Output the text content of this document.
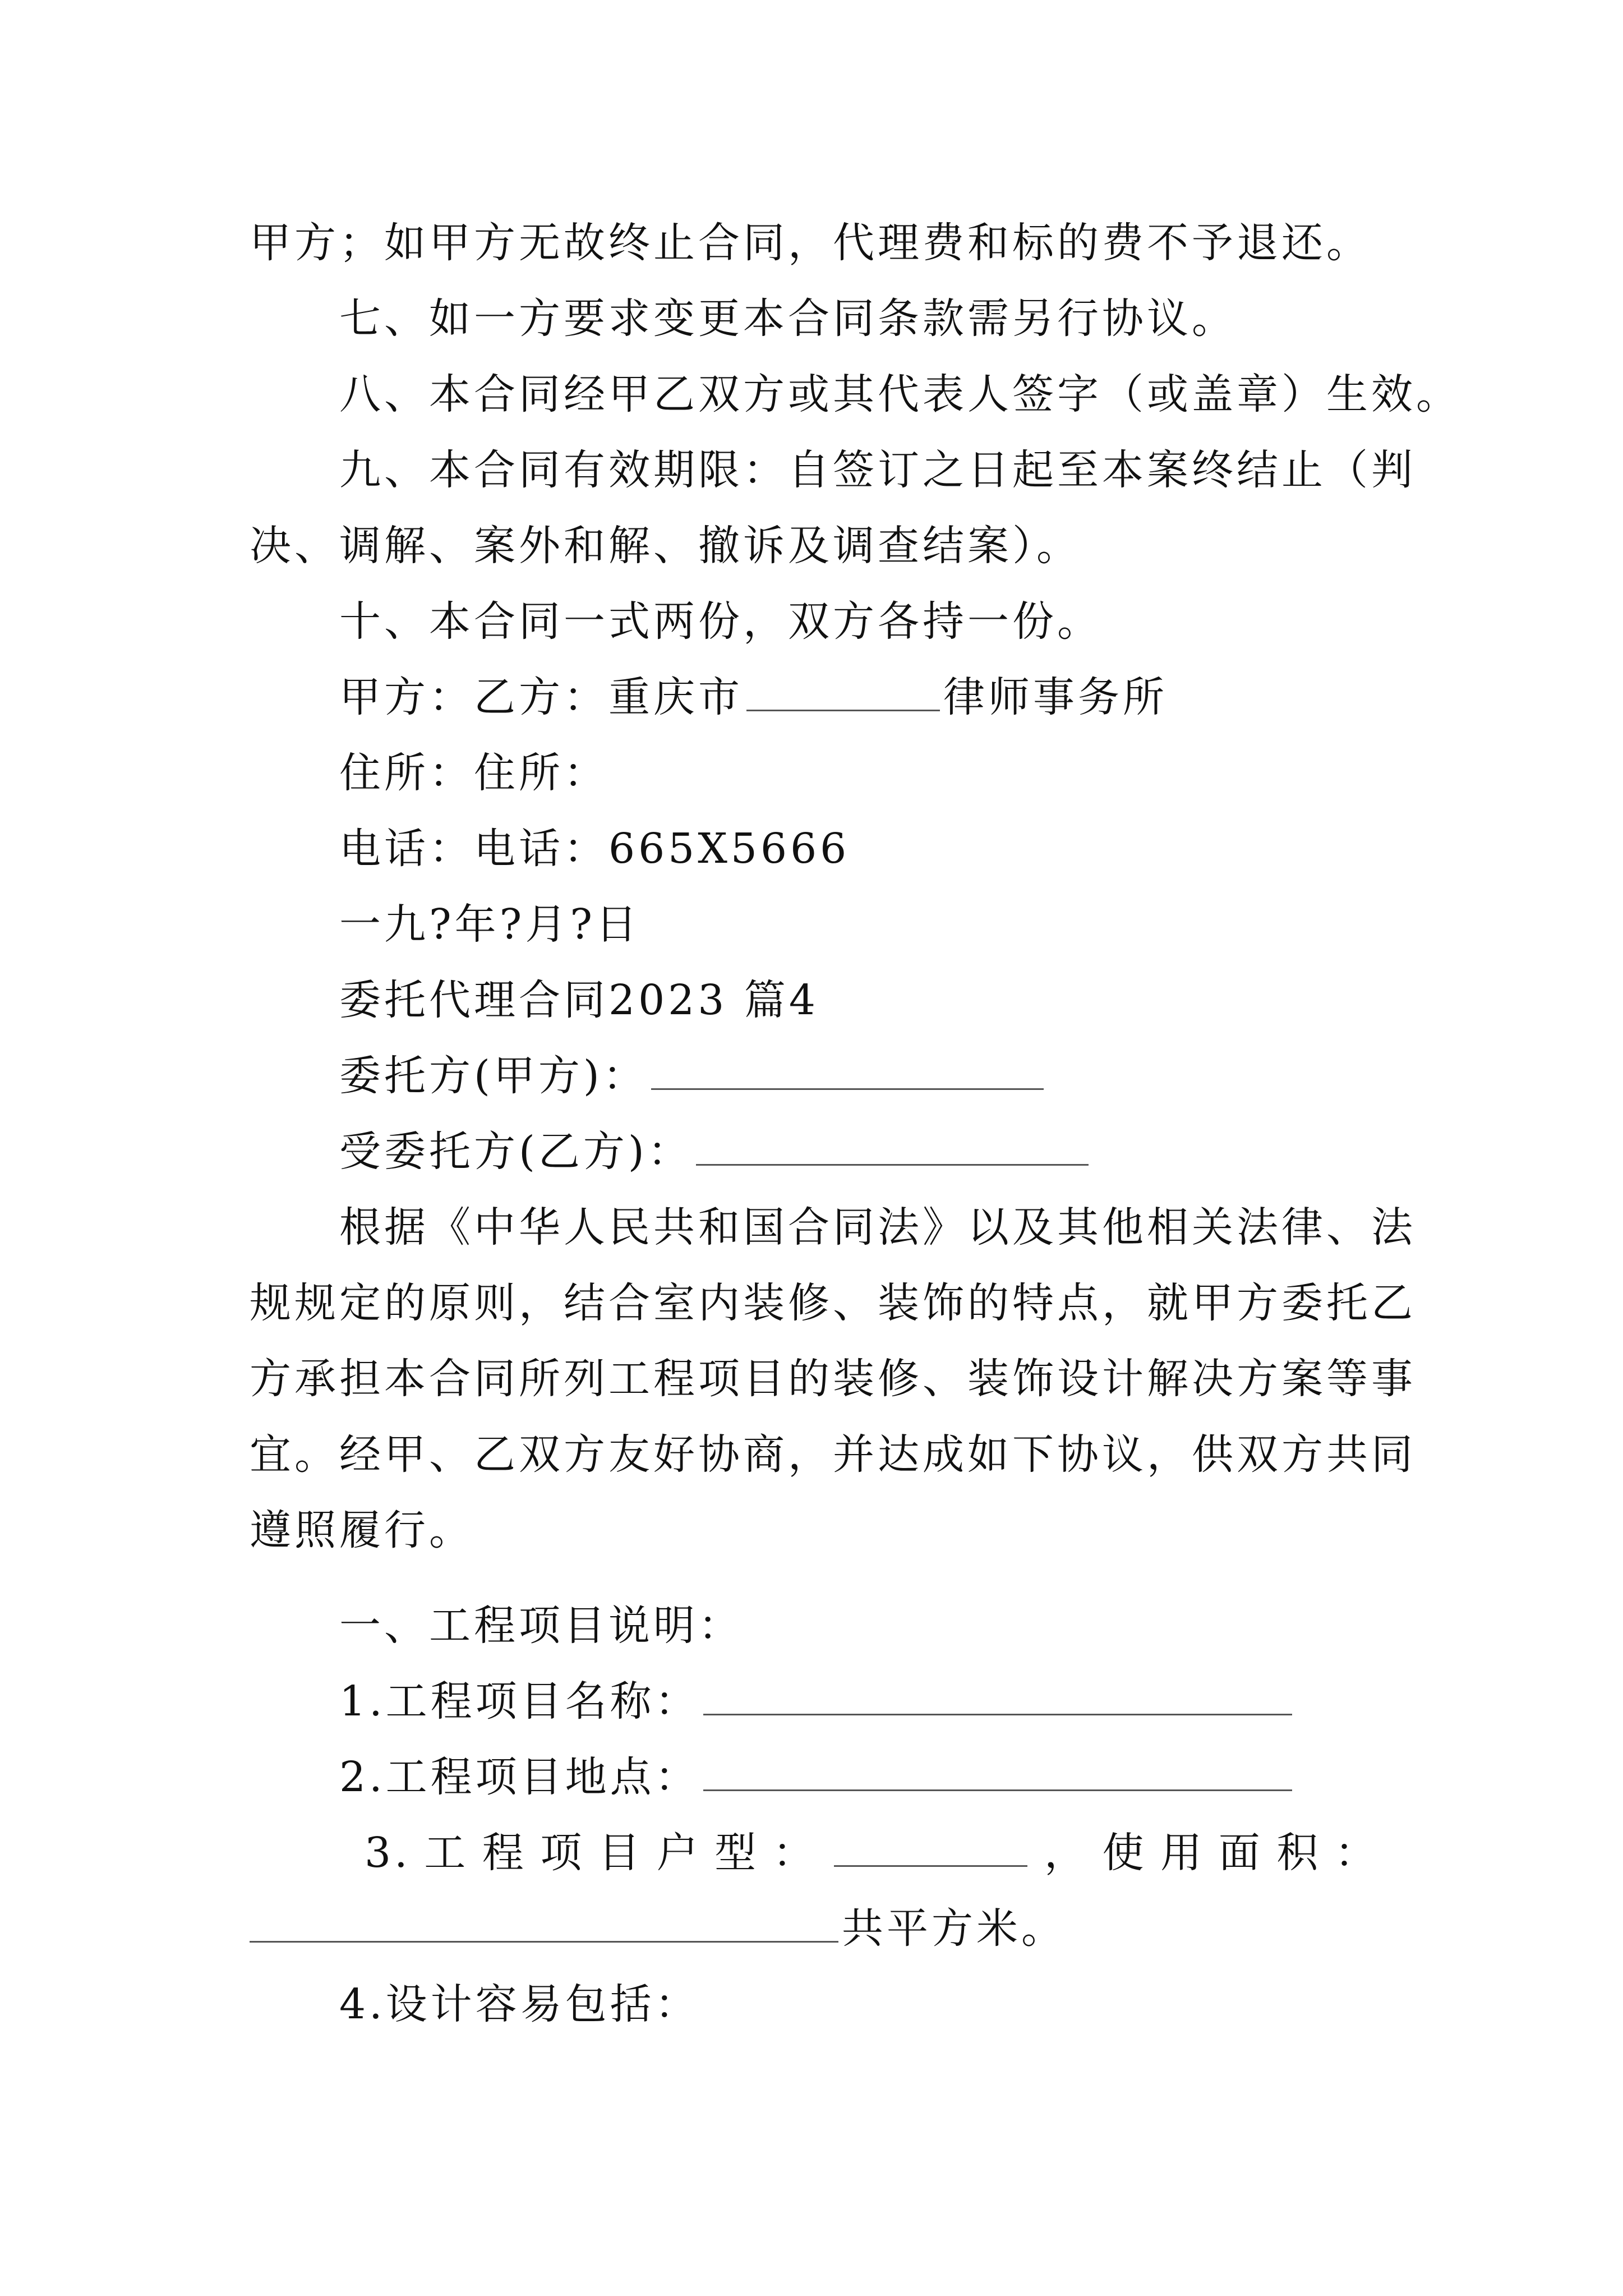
甲方；如甲方无故终止合同，代理费和标的费不予退还。
七、如一方要求变更本合同条款需另行协议。
八、本合同经甲乙双方或其代表人签字（或盖章）生效。
九、本合同有效期限：自签订之日起至本案终结止（判
决、调解、案外和解、撤诉及调查结案）。
十、本合同一式两份，双方各持一份。
甲方：乙方：重庆市	律师事务所
住所：住所：
电话：电话：665X5666
一九?年?月?日
委托代理合同2023 篇4
委托方(甲方)：
受委托方(乙方)：
根据《中华人民共和国合同法》以及其他相关法律、法
规规定的原则，结合室内装修、装饰的特点，就甲方委托乙
方承担本合同所列工程项目的装修、装饰设计解决方案等事
宜。经甲、乙双方友好协商，并达成如下协议，供双方共同
遵照履行。
一、工程项目说明：
1.工程项目名称：
2.工程项目地点：
3. 工 程 项 目 户 型 ：	， 使 用 面 积 ：
共平方米。
4.设计容易包括：
